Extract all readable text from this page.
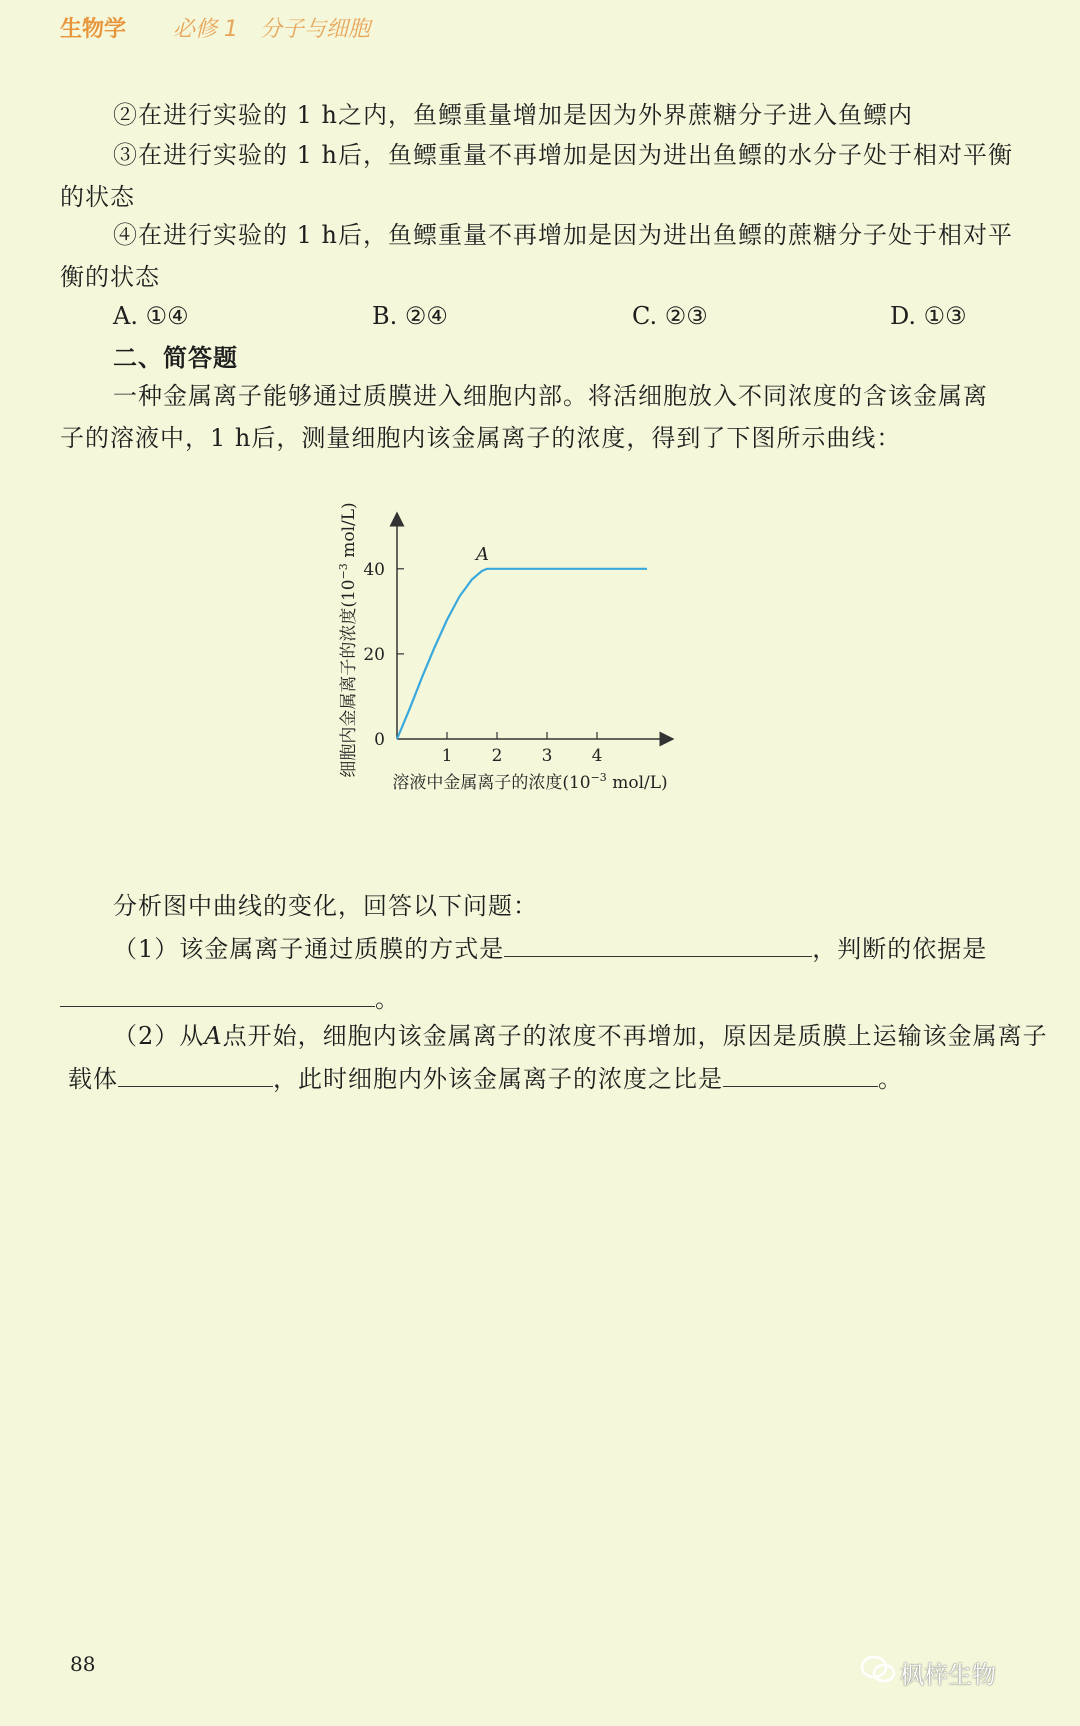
生物学 必修 1　分子与细胞
②在进行实验的 1 h之内，鱼鳔重量增加是因为外界蔗糖分子进入鱼鳔内
③在进行实验的 1 h后，鱼鳔重量不再增加是因为进出鱼鳔的水分子处于相对平衡
的状态
④在进行实验的 1 h后，鱼鳔重量不再增加是因为进出鱼鳔的蔗糖分子处于相对平
衡的状态
A. ①④	B. ②④	C. ②③	D. ①③
二、简答题
一种金属离子能够通过质膜进入细胞内部。将活细胞放入不同浓度的含该金属离
子的溶液中，1 h后，测量细胞内该金属离子的浓度，得到了下图所示曲线：
1 2 3 4
0
20
40
A
溶液中金属离子的浓度($10^{-3}$ mol/L)
细胞内金属离子的浓度($10^{-3}$ mol/L)
分析图中曲线的变化，回答以下问题：
（1）该金属离子通过质膜的方式是	，判断的依据是
。
（2）从A点开始，细胞内该金属离子的浓度不再增加，原因是质膜上运输该金属离子
载体	，此时细胞内外该金属离子的浓度之比是	。
88	枫梓生物
